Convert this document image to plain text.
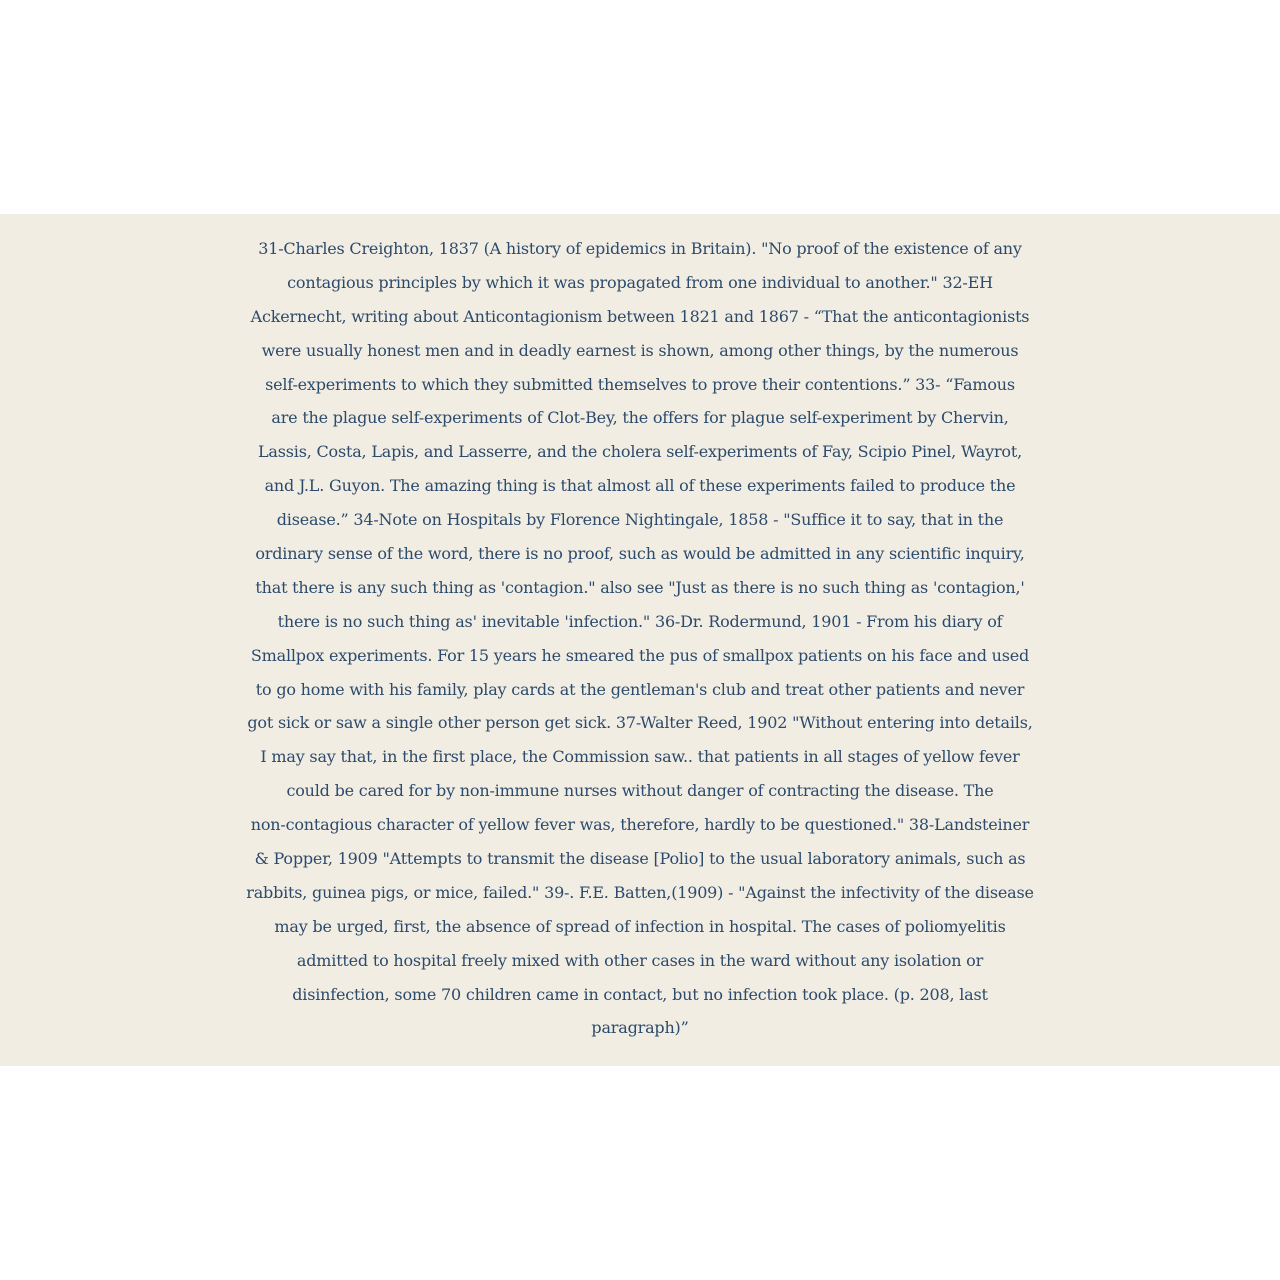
31-Charles Creighton, 1837 (A history of epidemics in Britain). "No proof of the existence of any
contagious principles by which it was propagated from one individual to another." 32-EH
Ackernecht, writing about Anticontagionism between 1821 and 1867 - “That the anticontagionists
were usually honest men and in deadly earnest is shown, among other things, by the numerous
self-experiments to which they submitted themselves to prove their contentions.” 33- “Famous
are the plague self-experiments of Clot-Bey, the offers for plague self-experiment by Chervin,
Lassis, Costa, Lapis, and Lasserre, and the cholera self-experiments of Fay, Scipio Pinel, Wayrot,
and J.L. Guyon. The amazing thing is that almost all of these experiments failed to produce the
disease.” 34-Note on Hospitals by Florence Nightingale, 1858 - "Suffice it to say, that in the
ordinary sense of the word, there is no proof, such as would be admitted in any scientific inquiry,
that there is any such thing as 'contagion." also see "Just as there is no such thing as 'contagion,'
there is no such thing as' inevitable 'infection." 36-Dr. Rodermund, 1901 - From his diary of
Smallpox experiments. For 15 years he smeared the pus of smallpox patients on his face and used
to go home with his family, play cards at the gentleman's club and treat other patients and never
got sick or saw a single other person get sick. 37-Walter Reed, 1902 "Without entering into details,
I may say that, in the first place, the Commission saw.. that patients in all stages of yellow fever
could be cared for by non-immune nurses without danger of contracting the disease. The
non-contagious character of yellow fever was, therefore, hardly to be questioned." 38-Landsteiner
& Popper, 1909 "Attempts to transmit the disease [Polio] to the usual laboratory animals, such as
rabbits, guinea pigs, or mice, failed." 39-. F.E. Batten,(1909) - "Against the infectivity of the disease
may be urged, first, the absence of spread of infection in hospital. The cases of poliomyelitis
admitted to hospital freely mixed with other cases in the ward without any isolation or
disinfection, some 70 children came in contact, but no infection took place. (p. 208, last
paragraph)”
